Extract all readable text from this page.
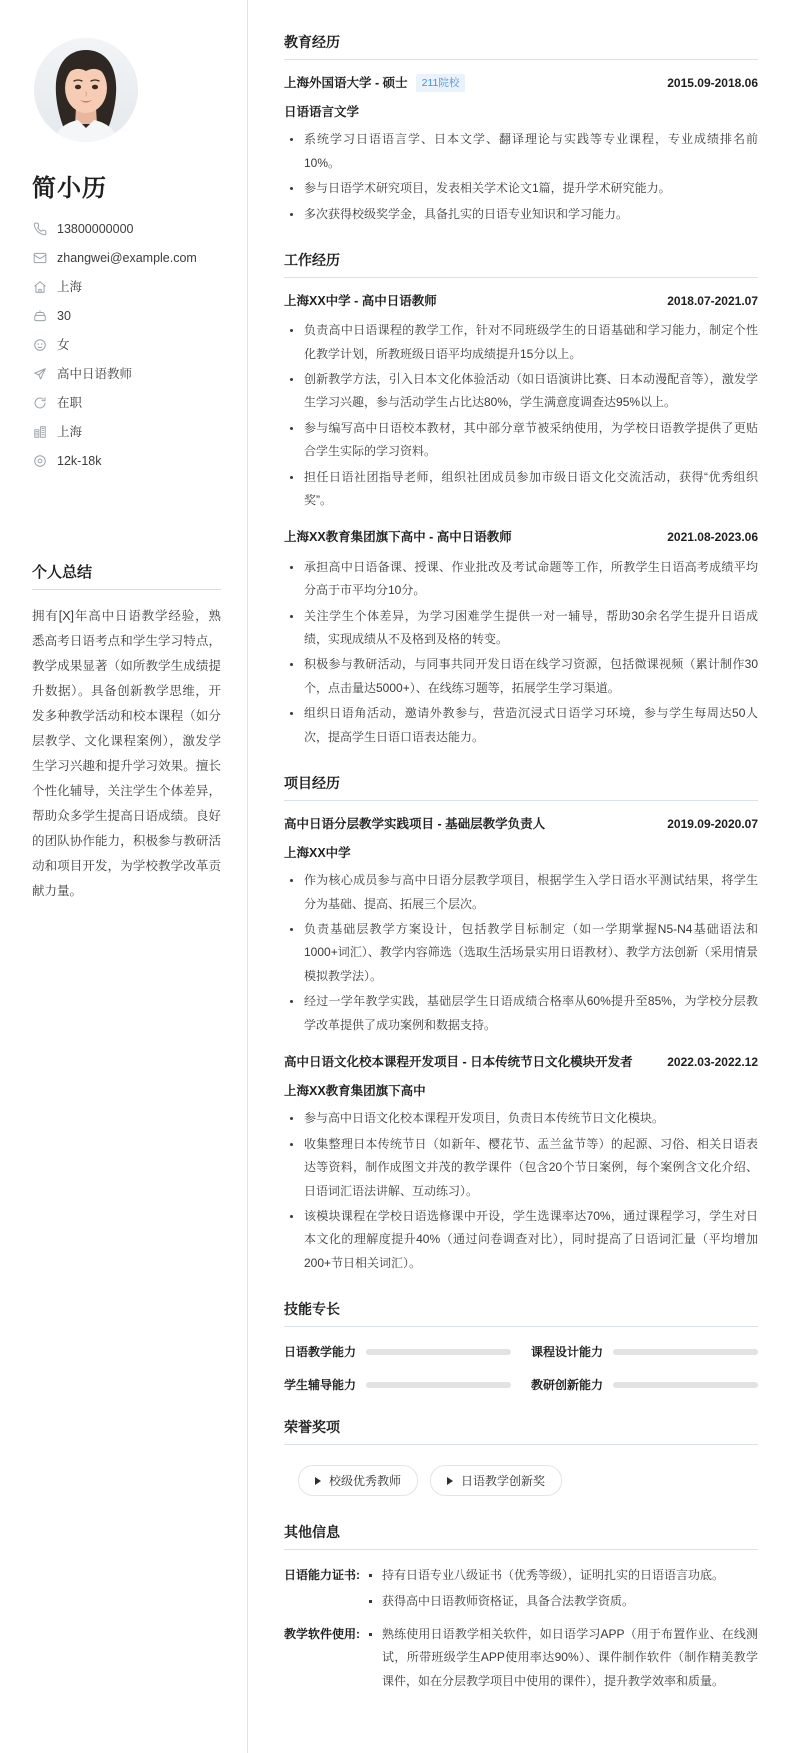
简小历
13800000000
zhangwei@example.com
上海
30
女
高中日语教师
在职
上海
12k-18k
个人总结

拥有[X]年高中日语教学经验，熟悉高考日语考点和学生学习特点，教学成果显著（如所教学生成绩提升数据）。具备创新教学思维，开发多种教学活动和校本课程（如分层教学、文化课程案例），激发学生学习兴趣和提升学习效果。擅长个性化辅导，关注学生个体差异，帮助众多学生提高日语成绩。良好的团队协作能力，积极参与教研活动和项目开发，为学校教学改革贡献力量。

教育经历
上海外国语大学 - 硕士 211院校	2015.09-2018.06
日语语言文学
系统学习日语语言学、日本文学、翻译理论与实践等专业课程，专业成绩排名前10%。
参与日语学术研究项目，发表相关学术论文1篇，提升学术研究能力。
多次获得校级奖学金，具备扎实的日语专业知识和学习能力。
工作经历
上海XX中学 - 高中日语教师	2018.07-2021.07
负责高中日语课程的教学工作，针对不同班级学生的日语基础和学习能力，制定个性化教学计划，所教班级日语平均成绩提升15分以上。
创新教学方法，引入日本文化体验活动（如日语演讲比赛、日本动漫配音等），激发学生学习兴趣，参与活动学生占比达80%，学生满意度调查达95%以上。
参与编写高中日语校本教材，其中部分章节被采纳使用，为学校日语教学提供了更贴合学生实际的学习资料。
担任日语社团指导老师，组织社团成员参加市级日语文化交流活动，获得“优秀组织奖”。
上海XX教育集团旗下高中 - 高中日语教师	2021.08-2023.06
承担高中日语备课、授课、作业批改及考试命题等工作，所教学生日语高考成绩平均分高于市平均分10分。
关注学生个体差异，为学习困难学生提供一对一辅导，帮助30余名学生提升日语成绩，实现成绩从不及格到及格的转变。
积极参与教研活动，与同事共同开发日语在线学习资源，包括微课视频（累计制作30个，点击量达5000+）、在线练习题等，拓展学生学习渠道。
组织日语角活动，邀请外教参与，营造沉浸式日语学习环境，参与学生每周达50人次，提高学生日语口语表达能力。
项目经历
高中日语分层教学实践项目 - 基础层教学负责人	2019.09-2020.07
上海XX中学
作为核心成员参与高中日语分层教学项目，根据学生入学日语水平测试结果，将学生分为基础、提高、拓展三个层次。
负责基础层教学方案设计，包括教学目标制定（如一学期掌握N5-N4基础语法和1000+词汇）、教学内容筛选（选取生活场景实用日语教材）、教学方法创新（采用情景模拟教学法）。
经过一学年教学实践，基础层学生日语成绩合格率从60%提升至85%，为学校分层教学改革提供了成功案例和数据支持。
高中日语文化校本课程开发项目 - 日本传统节日文化模块开发者	2022.03-2022.12
上海XX教育集团旗下高中
参与高中日语文化校本课程开发项目，负责日本传统节日文化模块。
收集整理日本传统节日（如新年、樱花节、盂兰盆节等）的起源、习俗、相关日语表达等资料，制作成图文并茂的教学课件（包含20个节日案例，每个案例含文化介绍、日语词汇语法讲解、互动练习）。
该模块课程在学校日语选修课中开设，学生选课率达70%，通过课程学习，学生对日本文化的理解度提升40%（通过问卷调查对比），同时提高了日语词汇量（平均增加200+节日相关词汇）。
技能专长
日语教学能力	课程设计能力
学生辅导能力	教研创新能力
荣誉奖项
校级优秀教师	日语教学创新奖
其他信息
日语能力证书:	持有日语专业八级证书（优秀等级），证明扎实的日语语言功底。
获得高中日语教师资格证，具备合法教学资质。
教学软件使用:	熟练使用日语教学相关软件，如日语学习APP（用于布置作业、在线测试，所带班级学生APP使用率达90%）、课件制作软件（制作精美教学课件，如在分层教学项目中使用的课件），提升教学效率和质量。
